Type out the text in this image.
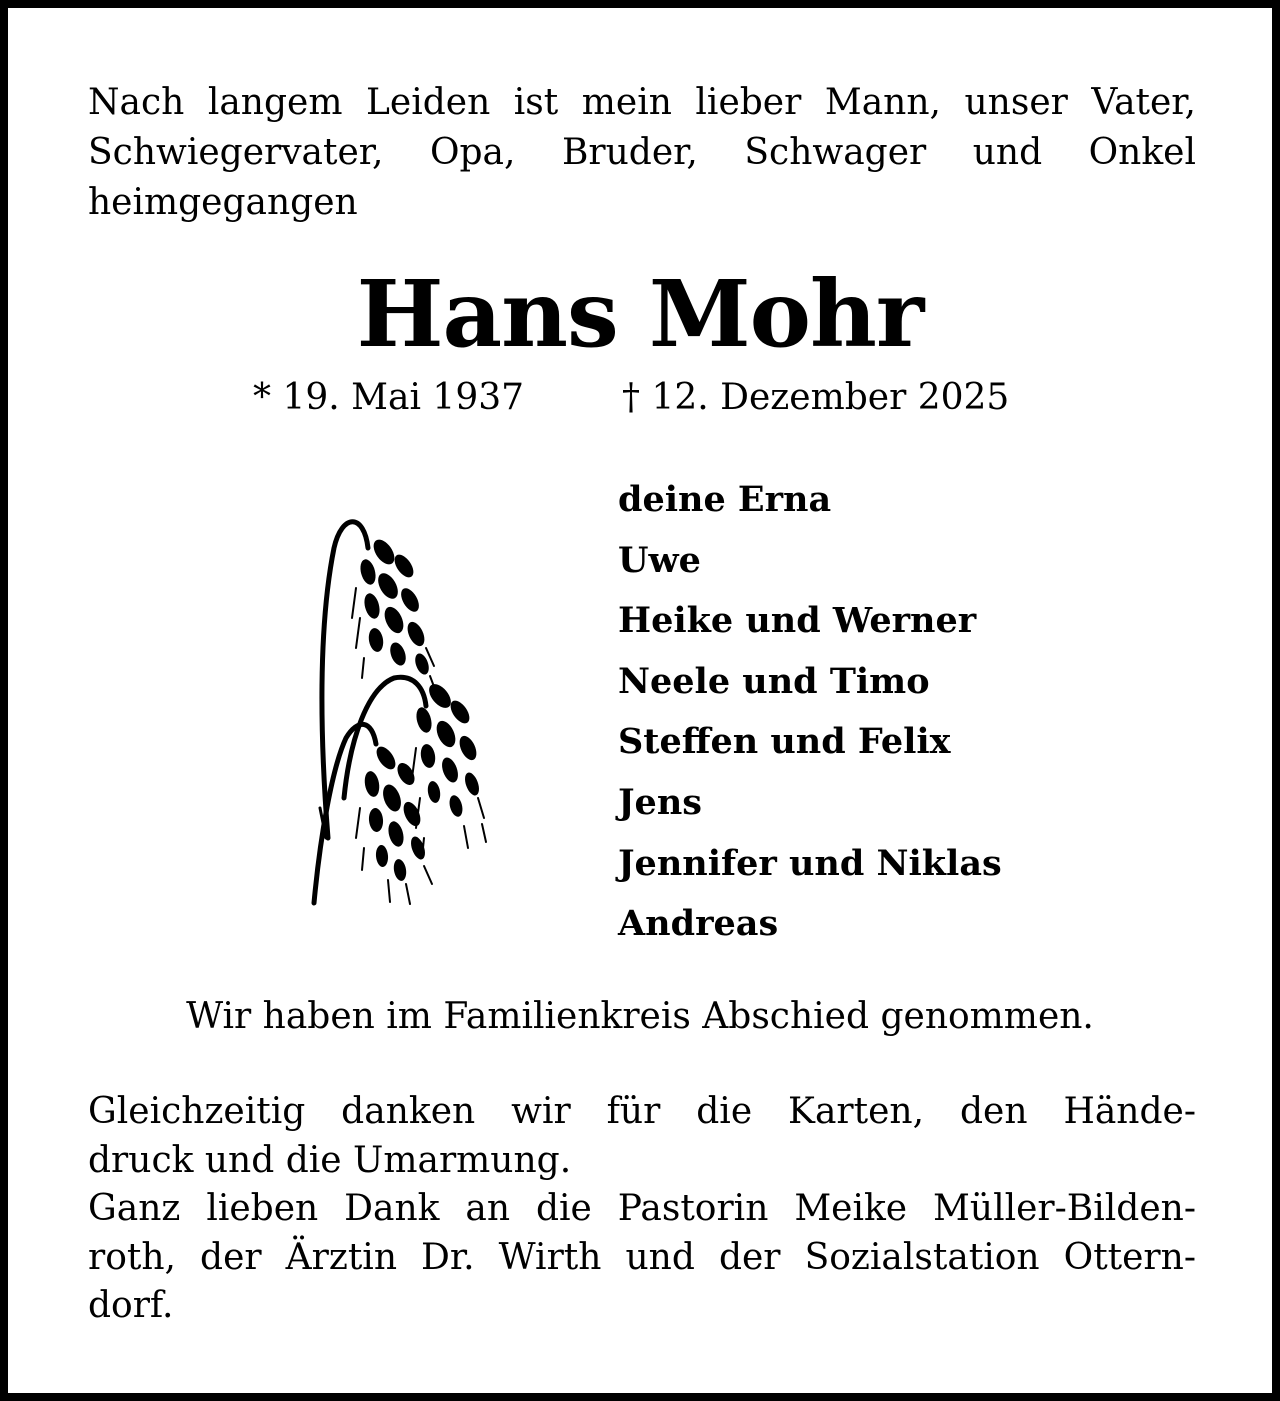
Nach langem Leiden ist mein lieber Mann, unser Vater,
Schwiegervater, Opa, Bruder, Schwager und Onkel
heimgegangen

Hans Mohr
* 19. Mai 1937	† 12. Dezember 2025
deine Erna
Uwe
Heike und Werner
Neele und Timo
Steffen und Felix
Jens
Jennifer und Niklas
Andreas

Wir haben im Familienkreis Abschied genommen.

Gleichzeitig danken wir für die Karten, den Hände-
druck und die Umarmung.
Ganz lieben Dank an die Pastorin Meike Müller-Bilden-
roth, der Ärztin Dr. Wirth und der Sozialstation Ottern-
dorf.
